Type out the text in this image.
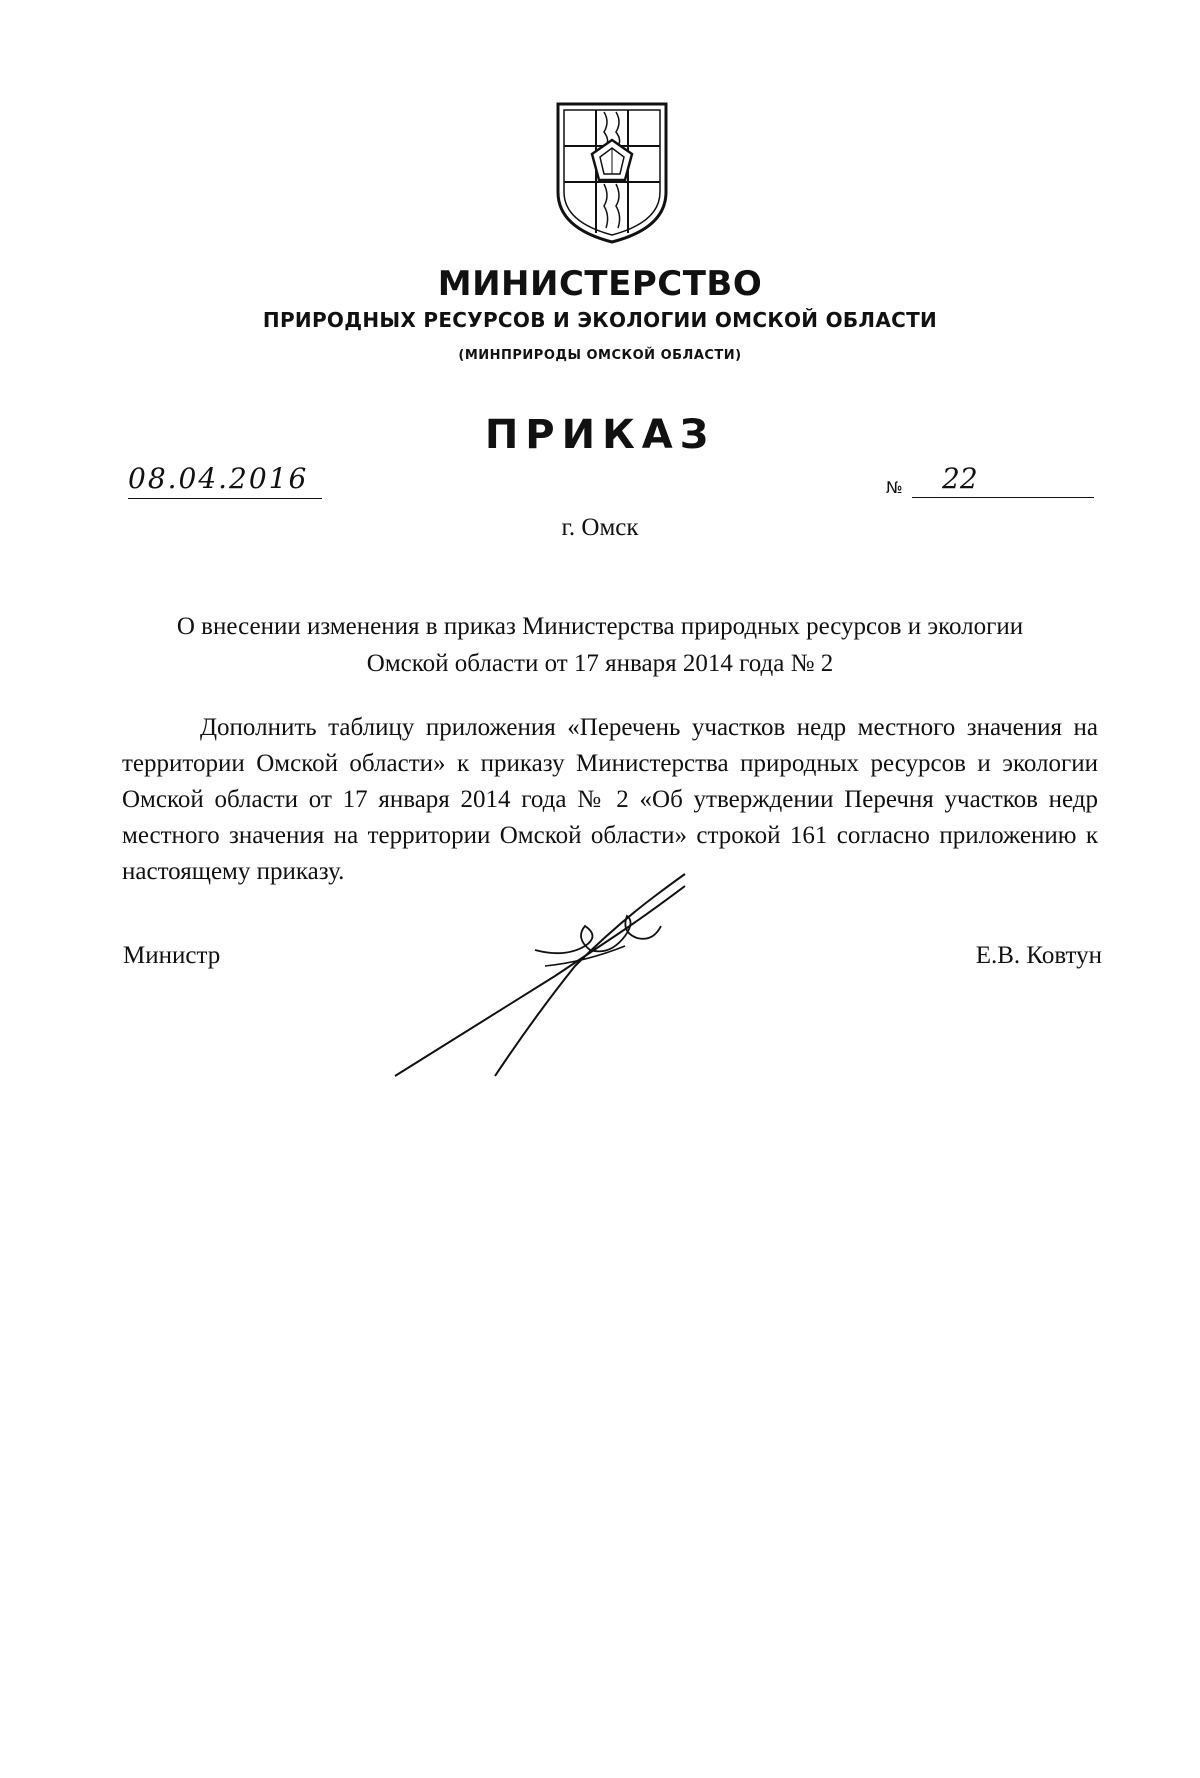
МИНИСТЕРСТВО
ПРИРОДНЫХ РЕСУРСОВ И ЭКОЛОГИИ ОМСКОЙ ОБЛАСТИ
(МИНПРИРОДЫ ОМСКОЙ ОБЛАСТИ)
ПРИКАЗ
08.04.2016	№	22
г. Омск
О внесении изменения в приказ Министерства природных ресурсов и экологии Омской области от 17 января 2014 года № 2
Дополнить таблицу приложения «Перечень участков недр местного значения на территории Омской области» к приказу Министерства природных ресурсов и экологии Омской области от 17 января 2014 года № 2 «Об утверждении Перечня участков недр местного значения на территории Омской области» строкой 161 согласно приложению к настоящему приказу.
Министр	Е.В. Ковтун
